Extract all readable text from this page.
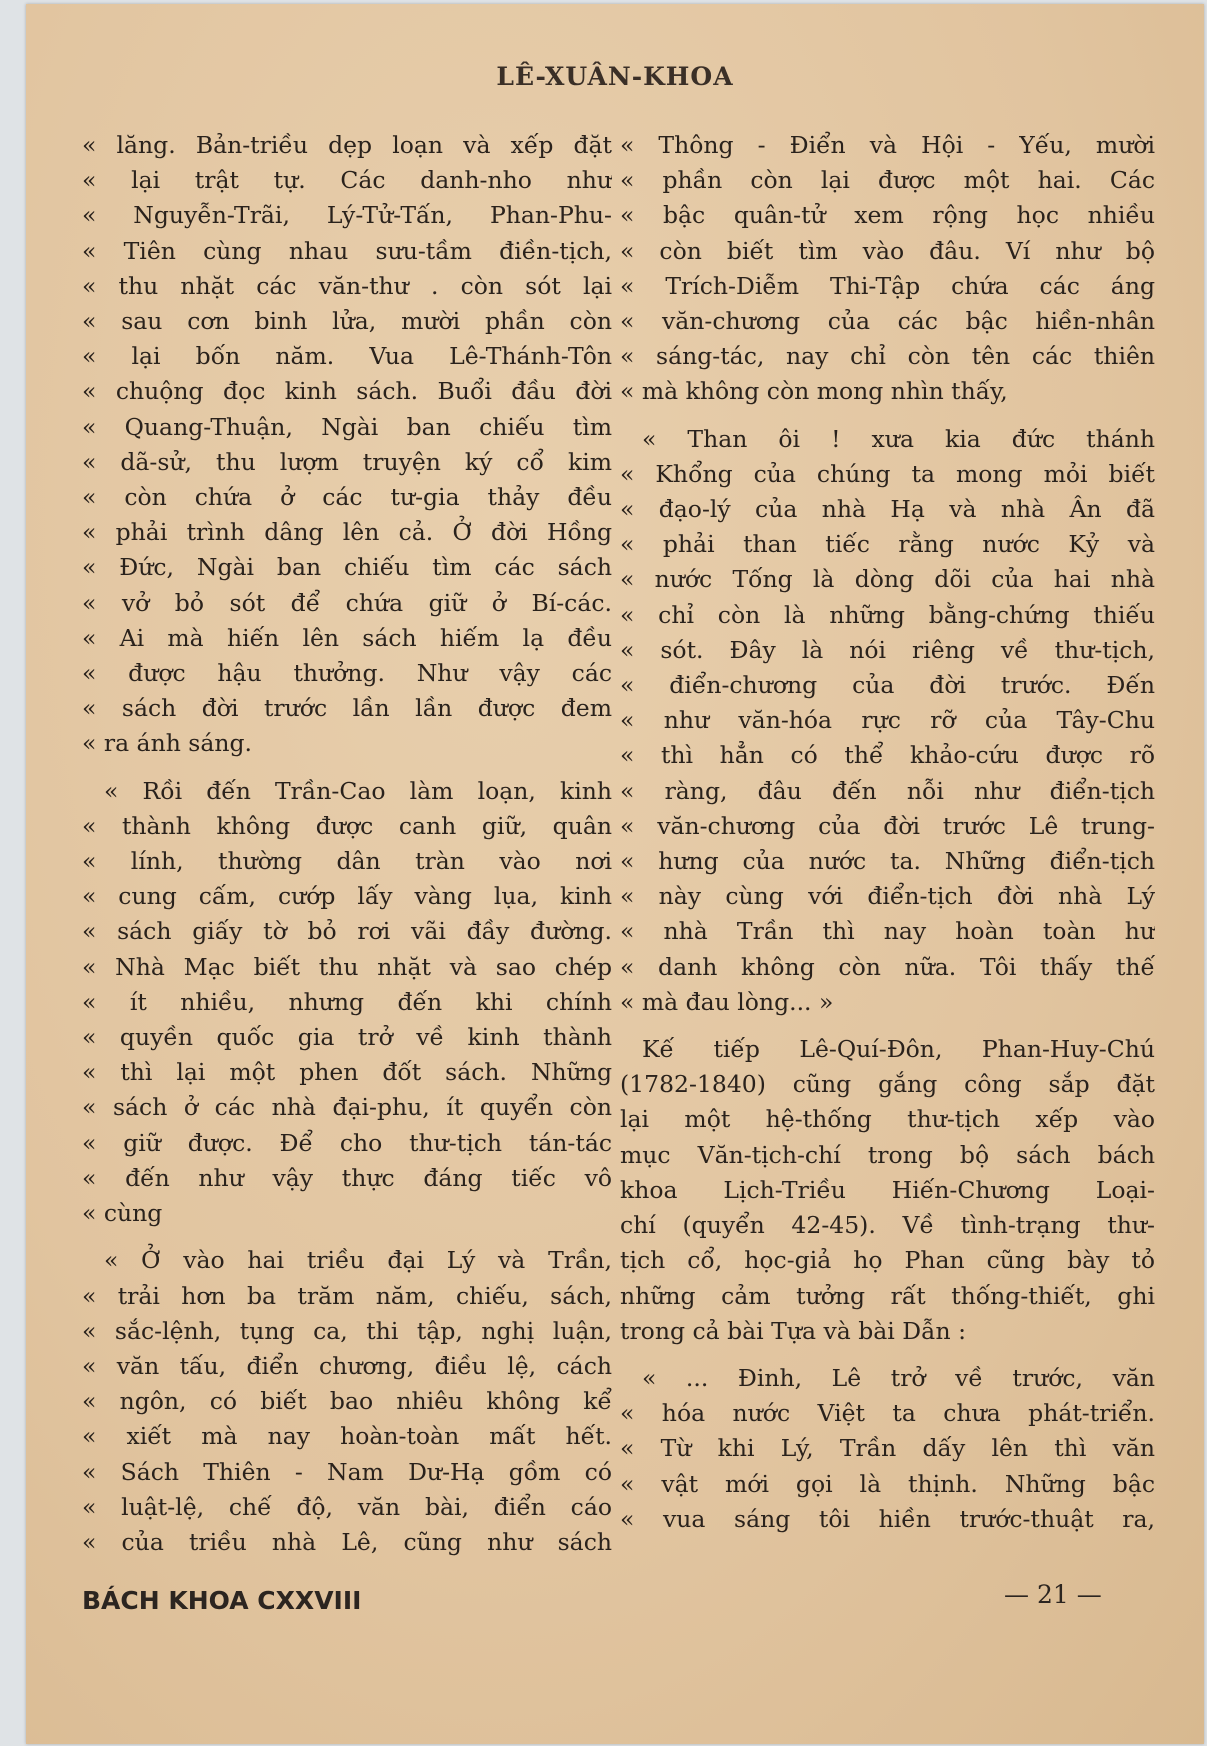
LÊ-XUÂN-KHOA
« lăng. Bản-triều dẹp loạn và xếp đặt
« lại trật tự. Các danh-nho như
« Nguyễn-Trãi, Lý-Tử-Tấn, Phan-Phu-
« Tiên cùng nhau sưu-tầm điền-tịch,
« thu nhặt các văn-thư . còn sót lại
« sau cơn binh lửa, mười phần còn
« lại bốn năm. Vua Lê-Thánh-Tôn
« chuộng đọc kinh sách. Buổi đầu đời
« Quang-Thuận, Ngài ban chiếu tìm
« dã-sử, thu lượm truyện ký cổ kim
« còn chứa ở các tư-gia thảy đều
« phải trình dâng lên cả. Ở đời Hồng
« Đức, Ngài ban chiếu tìm các sách
« vở bỏ sót để chứa giữ ở Bí-các.
« Ai mà hiến lên sách hiếm lạ đều
« được hậu thưởng. Như vậy các
« sách đời trước lần lần được đem
« ra ánh sáng.
« Rồi đến Trần-Cao làm loạn, kinh
« thành không được canh giữ, quân
« lính, thường dân tràn vào nơi
« cung cấm, cướp lấy vàng lụa, kinh
« sách giấy tờ bỏ rơi vãi đầy đường.
« Nhà Mạc biết thu nhặt và sao chép
« ít nhiều, nhưng đến khi chính
« quyền quốc gia trở về kinh thành
« thì lại một phen đốt sách. Những
« sách ở các nhà đại-phu, ít quyển còn
« giữ được. Để cho thư-tịch tán-tác
« đến như vậy thực đáng tiếc vô
« cùng
« Ở vào hai triều đại Lý và Trần,
« trải hơn ba trăm năm, chiếu, sách,
« sắc-lệnh, tụng ca, thi tập, nghị luận,
« văn tấu, điển chương, điều lệ, cách
« ngôn, có biết bao nhiêu không kể
« xiết mà nay hoàn-toàn mất hết.
« Sách Thiên - Nam Dư-Hạ gồm có
« luật-lệ, chế độ, văn bài, điển cáo
« của triều nhà Lê, cũng như sách
« Thông - Điển và Hội - Yếu, mười
« phần còn lại được một hai. Các
« bậc quân-tử xem rộng học nhiều
« còn biết tìm vào đâu. Ví như bộ
« Trích-Diễm Thi-Tập chứa các áng
« văn-chương của các bậc hiền-nhân
« sáng-tác, nay chỉ còn tên các thiên
« mà không còn mong nhìn thấy,
« Than ôi ! xưa kia đức thánh
« Khổng của chúng ta mong mỏi biết
« đạo-lý của nhà Hạ và nhà Ân đã
« phải than tiếc rằng nước Kỷ và
« nước Tống là dòng dõi của hai nhà
« chỉ còn là những bằng-chứng thiếu
« sót. Đây là nói riêng về thư-tịch,
« điển-chương của đời trước. Đến
« như văn-hóa rực rỡ của Tây-Chu
« thì hẳn có thể khảo-cứu được rõ
« ràng, đâu đến nỗi như điển-tịch
« văn-chương của đời trước Lê trung-
« hưng của nước ta. Những điển-tịch
« này cùng với điển-tịch đời nhà Lý
« nhà Trần thì nay hoàn toàn hư
« danh không còn nữa. Tôi thấy thế
« mà đau lòng... »
Kế tiếp Lê-Quí-Đôn, Phan-Huy-Chú
(1782-1840) cũng gắng công sắp đặt
lại một hệ-thống thư-tịch xếp vào
mục Văn-tịch-chí trong bộ sách bách
khoa Lịch-Triều Hiến-Chương Loại-
chí (quyển 42-45). Về tình-trạng thư-
tịch cổ, học-giả họ Phan cũng bày tỏ
những cảm tưởng rất thống-thiết, ghi
trong cả bài Tựa và bài Dẫn :
« ... Đinh, Lê trở về trước, văn
« hóa nước Việt ta chưa phát-triển.
« Từ khi Lý, Trần dấy lên thì văn
« vật mới gọi là thịnh. Những bậc
« vua sáng tôi hiền trước-thuật ra,
BÁCH KHOA CXXVIII	— 21 —
